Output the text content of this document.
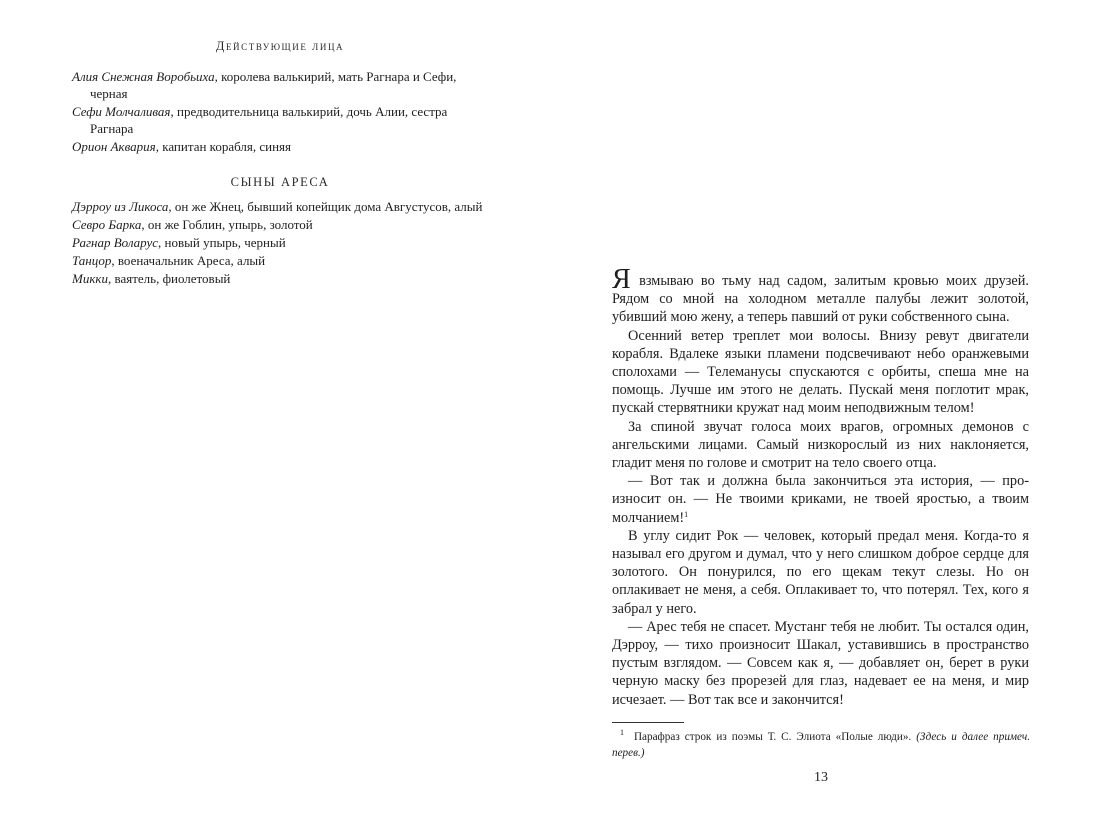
Действующие лица
Алия Снежная Воробьиха, королева валькирий, мать Рагнара и Сефи, черная
Сефи Молчаливая, предводительница валькирий, дочь Алии, сестра Рагнара
Орион Аквария, капитан корабля, синяя
СЫНЫ АРЕСА
Дэрроу из Ликоса, он же Жнец, бывший копейщик дома Августусов, алый
Севро Барка, он же Гоблин, упырь, золотой
Рагнар Воларус, новый упырь, черный
Танцор, военачальник Ареса, алый
Микки, ваятель, фиолетовый	Я взмываю во тьму над садом, залитым кровью моих друзей. Рядом со мной на холодном металле палубы лежит золотой, убивший мою жену, а теперь павший от руки собственного сына.

Осенний ветер треплет мои волосы. Внизу ревут двигатели корабля. Вдалеке языки пламени подсвечивают небо оранжевыми сполохами — Телеманусы спускаются с орбиты, спеша мне на помощь. Лучше им этого не делать. Пускай меня поглотит мрак, пускай стервятники кружат над моим неподвижным телом!

За спиной звучат голоса моих врагов, огромных демонов с ангельскими лицами. Самый низкорослый из них наклоняется, гладит меня по голове и смотрит на тело своего отца.

— Вот так и должна была закончиться эта история, — произносит он. — Не твоими криками, не твоей яростью, а твоим молчанием!$^1$

В углу сидит Рок — человек, который предал меня. Когда-то я называл его другом и думал, что у него слишком доброе сердце для золотого. Он понурился, по его щекам текут слезы. Но он оплакивает не меня, а себя. Оплакивает то, что потерял. Тех, кого я забрал у него.

— Арес тебя не спасет. Мустанг тебя не любит. Ты остался один, Дэрроу, — тихо произносит Шакал, уставившись в пространство пустым взглядом. — Совсем как я, — добавляет он, берет в руки черную маску без прорезей для глаз, надевает ее на меня, и мир исчезает. — Вот так все и закончится!

$^1$ Парафраз строк из поэмы Т. С. Элиота «Полые люди». (Здесь и далее примеч. перев.)
13
